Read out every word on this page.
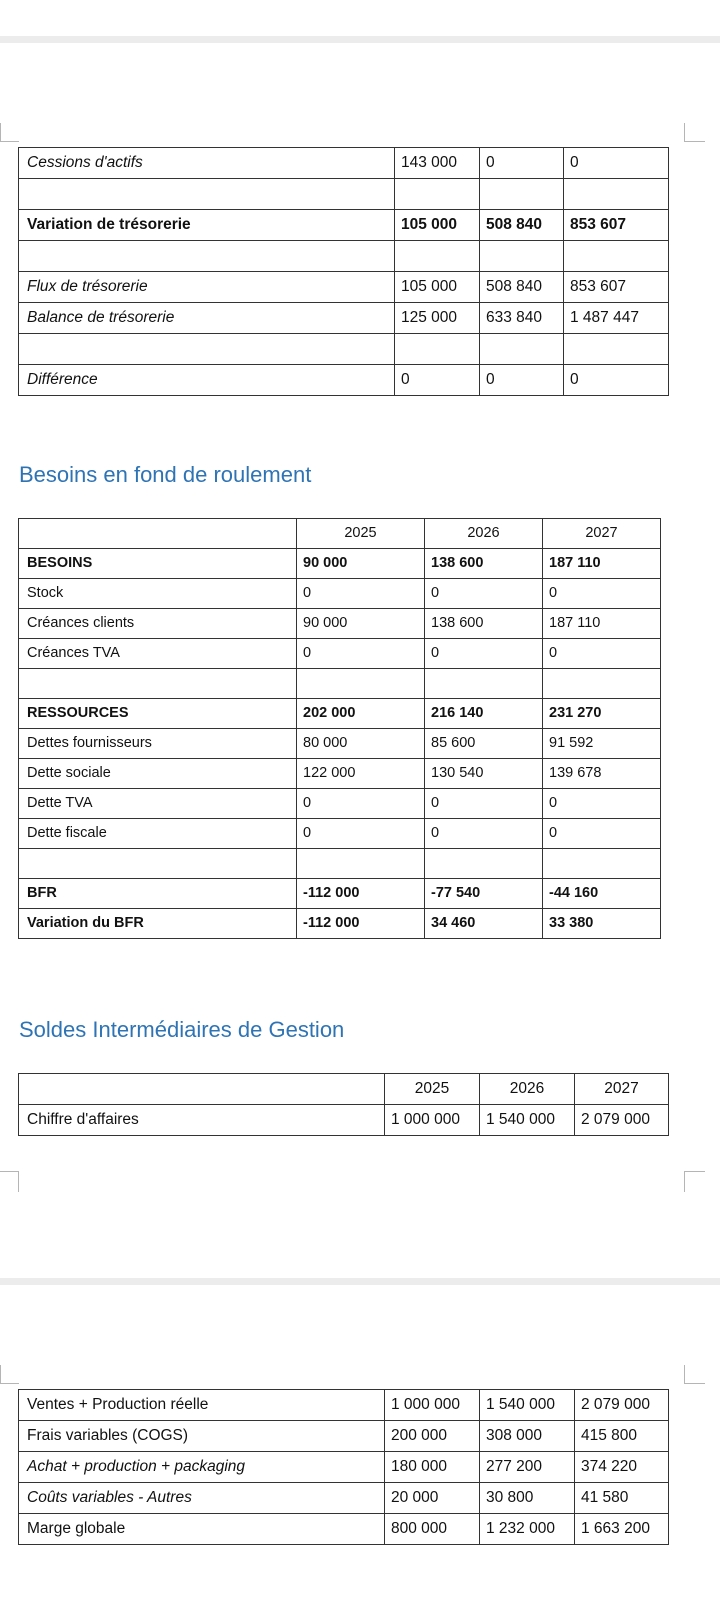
Cessions d'actifs	143 000	0	0

Variation de trésorerie	105 000	508 840	853 607

Flux de trésorerie	105 000	508 840	853 607
Balance de trésorerie	125 000	633 840	1 487 447

Différence	0	0	0
Besoins en fond de roulement
	2025	2026	2027
BESOINS	90 000	138 600	187 110
Stock	0	0	0
Créances clients	90 000	138 600	187 110
Créances TVA	0	0	0

RESSOURCES	202 000	216 140	231 270
Dettes fournisseurs	80 000	85 600	91 592
Dette sociale	122 000	130 540	139 678
Dette TVA	0	0	0
Dette fiscale	0	0	0

BFR	-112 000	-77 540	-44 160
Variation du BFR	-112 000	34 460	33 380
Soldes Intermédiaires de Gestion
	2025	2026	2027
Chiffre d'affaires	1 000 000	1 540 000	2 079 000
Ventes + Production réelle	1 000 000	1 540 000	2 079 000
Frais variables (COGS)	200 000	308 000	415 800
Achat + production + packaging	180 000	277 200	374 220
Coûts variables - Autres	20 000	30 800	41 580
Marge globale	800 000	1 232 000	1 663 200
